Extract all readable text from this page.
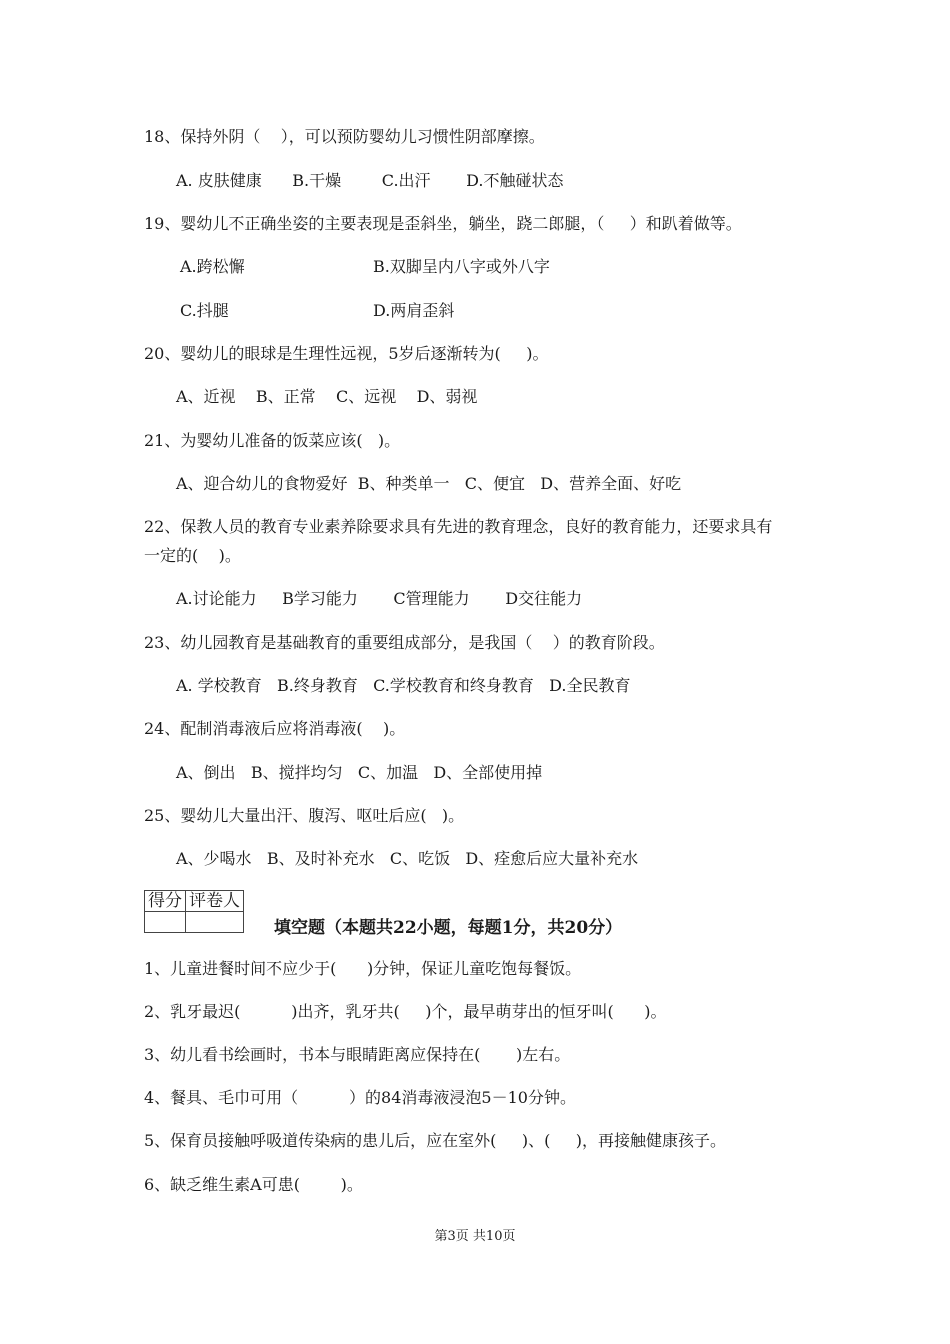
18、保持外阴（    ），可以预防婴幼儿习惯性阴部摩擦。
A. 皮肤健康      B.干燥        C.出汗       D.不触碰状态
19、婴幼儿不正确坐姿的主要表现是歪斜坐，躺坐，跷二郎腿，（     ）和趴着做等。
A.跨松懈	B.双脚呈内八字或外八字
C.抖腿	D.两肩歪斜
20、婴幼儿的眼球是生理性远视，5岁后逐渐转为(     )。
A、近视    B、正常    C、远视    D、弱视
21、为婴幼儿准备的饭菜应该(   )。
A、迎合幼儿的食物爱好  B、种类单一   C、便宜   D、营养全面、好吃
22、保教人员的教育专业素养除要求具有先进的教育理念，良好的教育能力，还要求具有
一定的(    )。
A.讨论能力     B学习能力       C管理能力       D交往能力
23、幼儿园教育是基础教育的重要组成部分，是我国（    ）的教育阶段。
A. 学校教育   B.终身教育   C.学校教育和终身教育   D.全民教育
24、配制消毒液后应将消毒液(    )。
A、倒出   B、搅拌均匀   C、加温   D、全部使用掉
25、婴幼儿大量出汗、腹泻、呕吐后应(   )。
A、少喝水   B、及时补充水   C、吃饭   D、痊愈后应大量补充水
得分	评卷人

填空题（本题共22小题，每题1分，共20分）
1、儿童进餐时间不应少于(      )分钟，保证儿童吃饱每餐饭。
2、乳牙最迟(          )出齐，乳牙共(     )个，最早萌芽出的恒牙叫(      )。
3、幼儿看书绘画时，书本与眼睛距离应保持在(       )左右。
4、餐具、毛巾可用（          ）的84消毒液浸泡5－10分钟。
5、保育员接触呼吸道传染病的患儿后，应在室外(     )、(     )，再接触健康孩子。
6、缺乏维生素A可患(        )。
第3页 共10页
